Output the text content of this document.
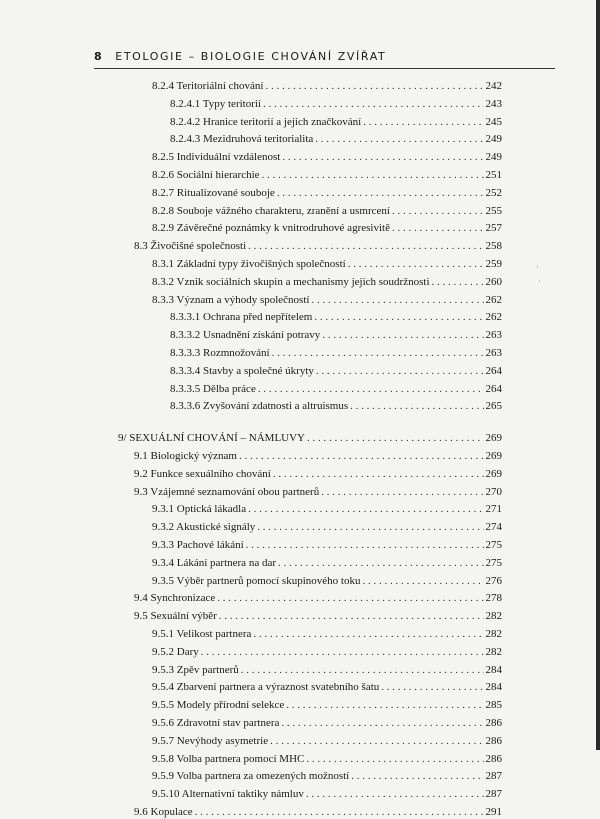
8 ETOLOGIE – BIOLOGIE CHOVÁNÍ ZVÍŘAT
8.2.4 Teritoriální chování . . .	242
8.2.4.1 Typy teritorií . . .	243
8.2.4.2 Hranice teritorií a jejich značkování . . .	245
8.2.4.3 Mezidruhová teritorialita . . .	249
8.2.5 Individuální vzdálenost . . .	249
8.2.6 Sociální hierarchie . . .	251
8.2.7 Ritualizované souboje . . .	252
8.2.8 Souboje vážného charakteru, zranění a usmrcení . . .	255
8.2.9 Závěrečné poznámky k vnitrodruhové agresivitě . . .	257
8.3 Živočišné společnosti . . .	258
8.3.1 Základní typy živočišných společností . . .	259
8.3.2 Vznik sociálních skupin a mechanismy jejich soudržnosti . . .	260
8.3.3 Význam a výhody společností . . .	262
8.3.3.1 Ochrana před nepřítelem . . .	262
8.3.3.2 Usnadnění získání potravy . . .	263
8.3.3.3 Rozmnožování . . .	263
8.3.3.4 Stavby a společné úkryty . . .	264
8.3.3.5 Dělba práce . . .	264
8.3.3.6 Zvyšování zdatnosti a altruismus . . .	265
9/ SEXUÁLNÍ CHOVÁNÍ – NÁMLUVY . . .	269
9.1 Biologický význam . . .	269
9.2 Funkce sexuálního chování . . .	269
9.3 Vzájemné seznamování obou partnerů . . .	270
9.3.1 Optická lákadla . . .	271
9.3.2 Akustické signály . . .	274
9.3.3 Pachové lákání . . .	275
9.3.4 Lákání partnera na dar . . .	275
9.3.5 Výběr partnerů pomocí skupinového toku . . .	276
9.4 Synchronizace . . .	278
9.5 Sexuální výběr . . .	282
9.5.1 Velikost partnera . . .	282
9.5.2 Dary . . .	282
9.5.3 Zpěv partnerů . . .	284
9.5.4 Zbarvení partnera a výraznost svatebního šatu . . .	284
9.5.5 Modely přírodní selekce . . .	285
9.5.6 Zdravotní stav partnera . . .	286
9.5.7 Nevýhody asymetrie . . .	286
9.5.8 Volba partnera pomocí MHC . . .	286
9.5.9 Volba partnera za omezených možností . . .	287
9.5.10 Alternativní taktiky námluv . . .	287
9.6 Kopulace . . .	291
·
·
